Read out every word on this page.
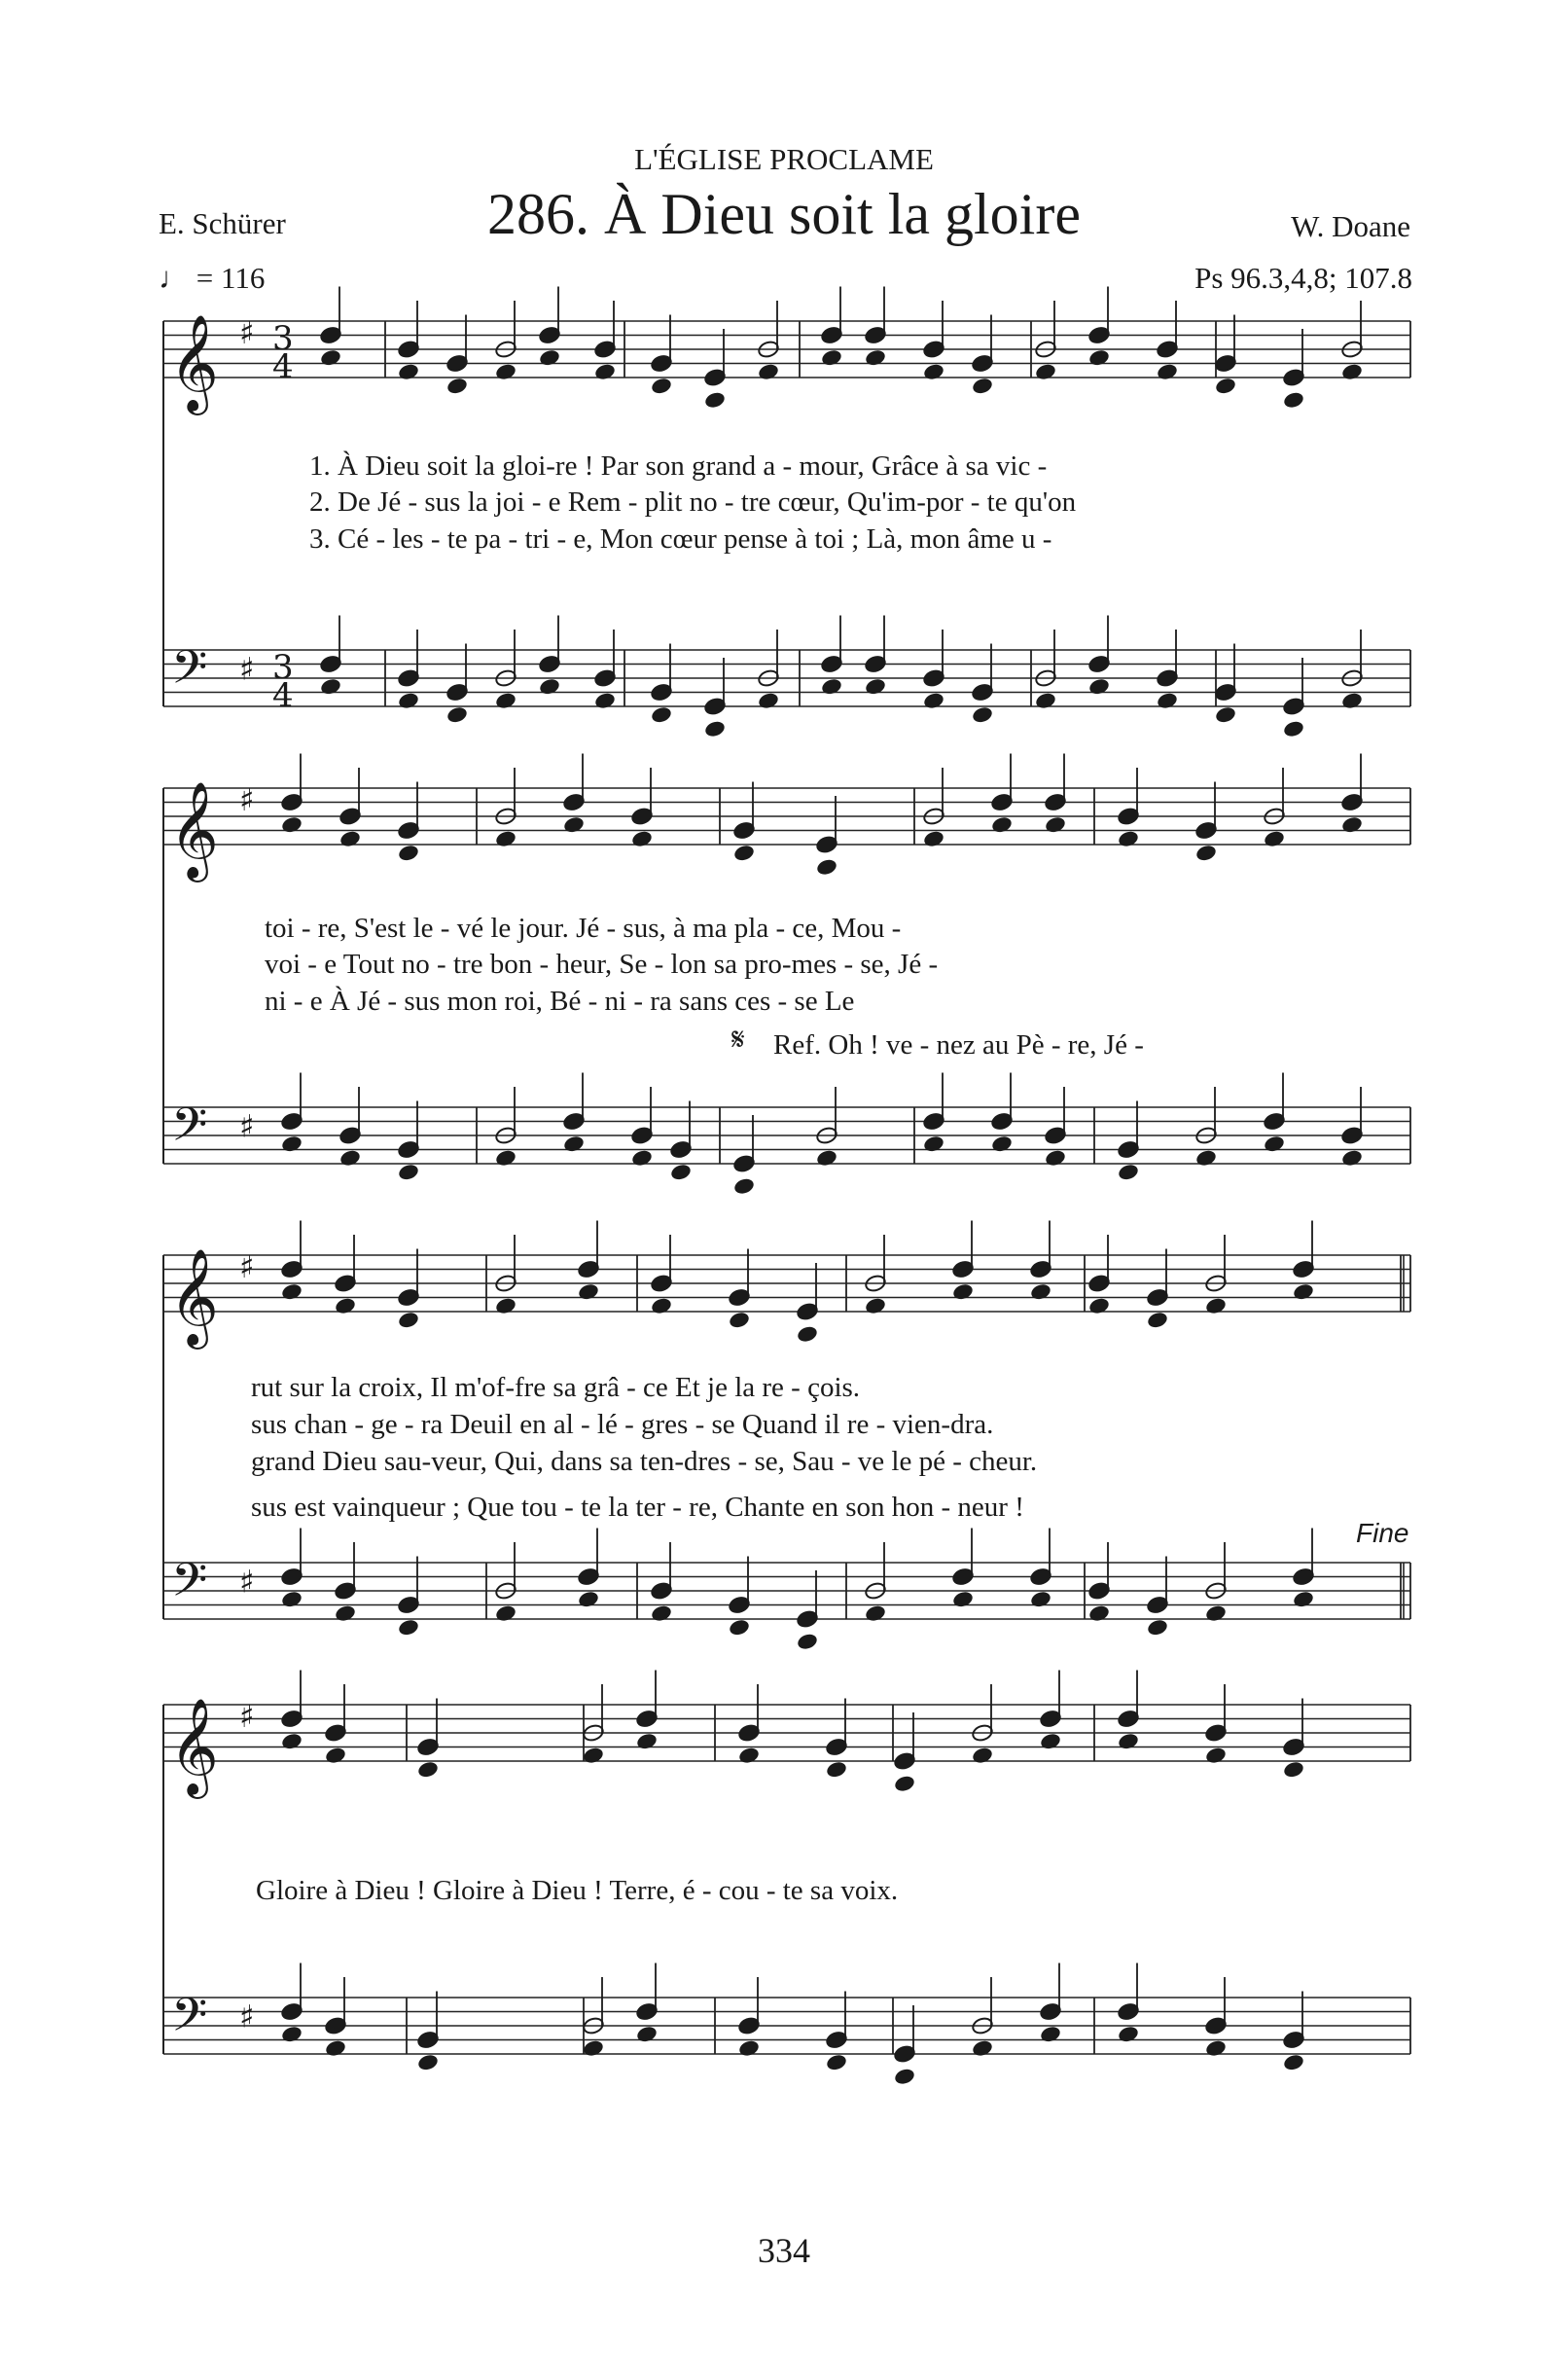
L'ÉGLISE PROCLAME
286. À Dieu soit la gloire
E. Schürer	W. Doane
♩ = 116	Ps 96.3,4,8; 107.8
𝄞
𝄢
♯
♯
3
4
3
4
𝄞
𝄢
♯
♯
𝄞
𝄢
♯
♯
𝄞
𝄢
♯
♯
1. À Dieu soit la gloi-re ! Par son grand a - mour, Grâce à sa vic -
2. De Jé - sus la joi - e Rem - plit no - tre cœur, Qu'im-por - te qu'on
3. Cé - les - te pa - tri - e, Mon cœur pense à toi ; Là, mon âme u -
toi - re, S'est le - vé le jour. Jé - sus, à ma pla - ce, Mou -
voi - e Tout no - tre bon - heur, Se - lon sa pro-mes - se, Jé -
ni - e À Jé - sus mon roi, Bé - ni - ra sans ces - se Le
𝄋 Ref. Oh ! ve - nez au Pè - re, Jé -
rut sur la croix, Il m'of-fre sa grâ - ce Et je la re - çois.
sus chan - ge - ra Deuil en al - lé - gres - se Quand il re - vien-dra.
grand Dieu sau-veur, Qui, dans sa ten-dres - se, Sau - ve le pé - cheur.
sus est vainqueur ; Que tou - te la ter - re, Chante en son hon - neur !
Fine
Gloire à Dieu ! Gloire à Dieu ! Terre, é - cou - te sa voix.
334
